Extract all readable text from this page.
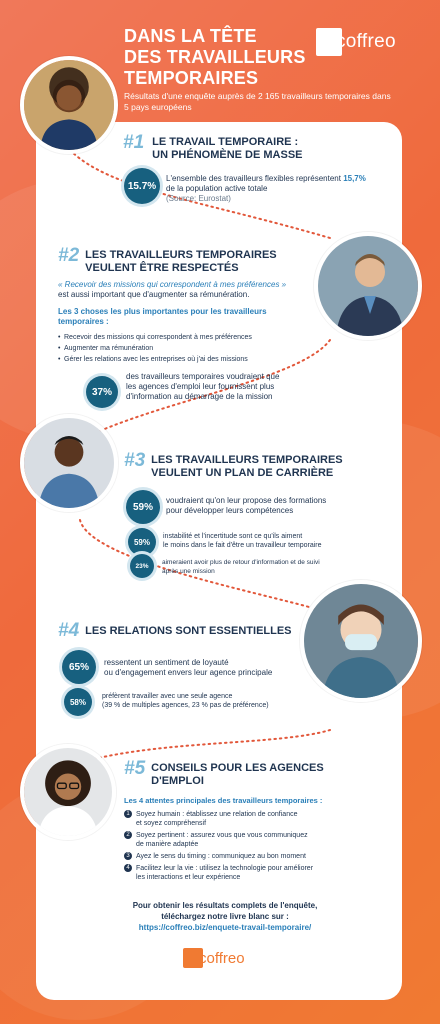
DANS LA TÊTE
DES TRAVAILLEURS
TEMPORAIRES
Résultats d'une enquête auprès de 2 165 travailleurs temporaires dans 5 pays européens
coffreo
#1 LE TRAVAIL TEMPORAIRE :
UN PHÉNOMÈNE DE MASSE
15.7%
L'ensemble des travailleurs flexibles représentent 15,7% de la population active totale
(Source: Eurostat)
#2 LES TRAVAILLEURS TEMPORAIRES
VEULENT ÊTRE RESPECTÉS
« Recevoir des missions qui correspondent à mes préférences »
est aussi important que d'augmenter sa rémunération.
Les 3 choses les plus importantes pour les travailleurs
temporaires :
• Recevoir des missions qui correspondent à mes préférences
• Augmenter ma rémunération
• Gérer les relations avec les entreprises où j'ai des missions
37%
des travailleurs temporaires voudraient que
les agences d'emploi leur fournissent plus
d'information au démarrage de la mission
#3 LES TRAVAILLEURS TEMPORAIRES
VEULENT UN PLAN DE CARRIÈRE
59%
voudraient qu'on leur propose des formations
pour développer leurs compétences
59%
instabilité et l'incertitude sont ce qu'ils aiment
le moins dans le fait d'être un travailleur temporaire
23%	aimeraient avoir plus de retour d'information et de suivi
après une mission
#4 LES RELATIONS SONT ESSENTIELLES
65%	ressentent un sentiment de loyauté
ou d'engagement envers leur agence principale
58%
préfèrent travailler avec une seule agence
(39 % de multiples agences, 23 % pas de préférence)
#5 CONSEILS POUR LES AGENCES
D'EMPLOI
Les 4 attentes principales des travailleurs temporaires :
1 Soyez humain : établissez une relation de confiance
et soyez compréhensif
2 Soyez pertinent : assurez vous que vous communiquez
de manière adaptée
3 Ayez le sens du timing : communiquez au bon moment
4 Facilitez leur la vie : utilisez la technologie pour améliorer
les interactions et leur expérience
Pour obtenir les résultats complets de l'enquête,
téléchargez notre livre blanc sur :
https://coffreo.biz/enquete-travail-temporaire/
coffreo
